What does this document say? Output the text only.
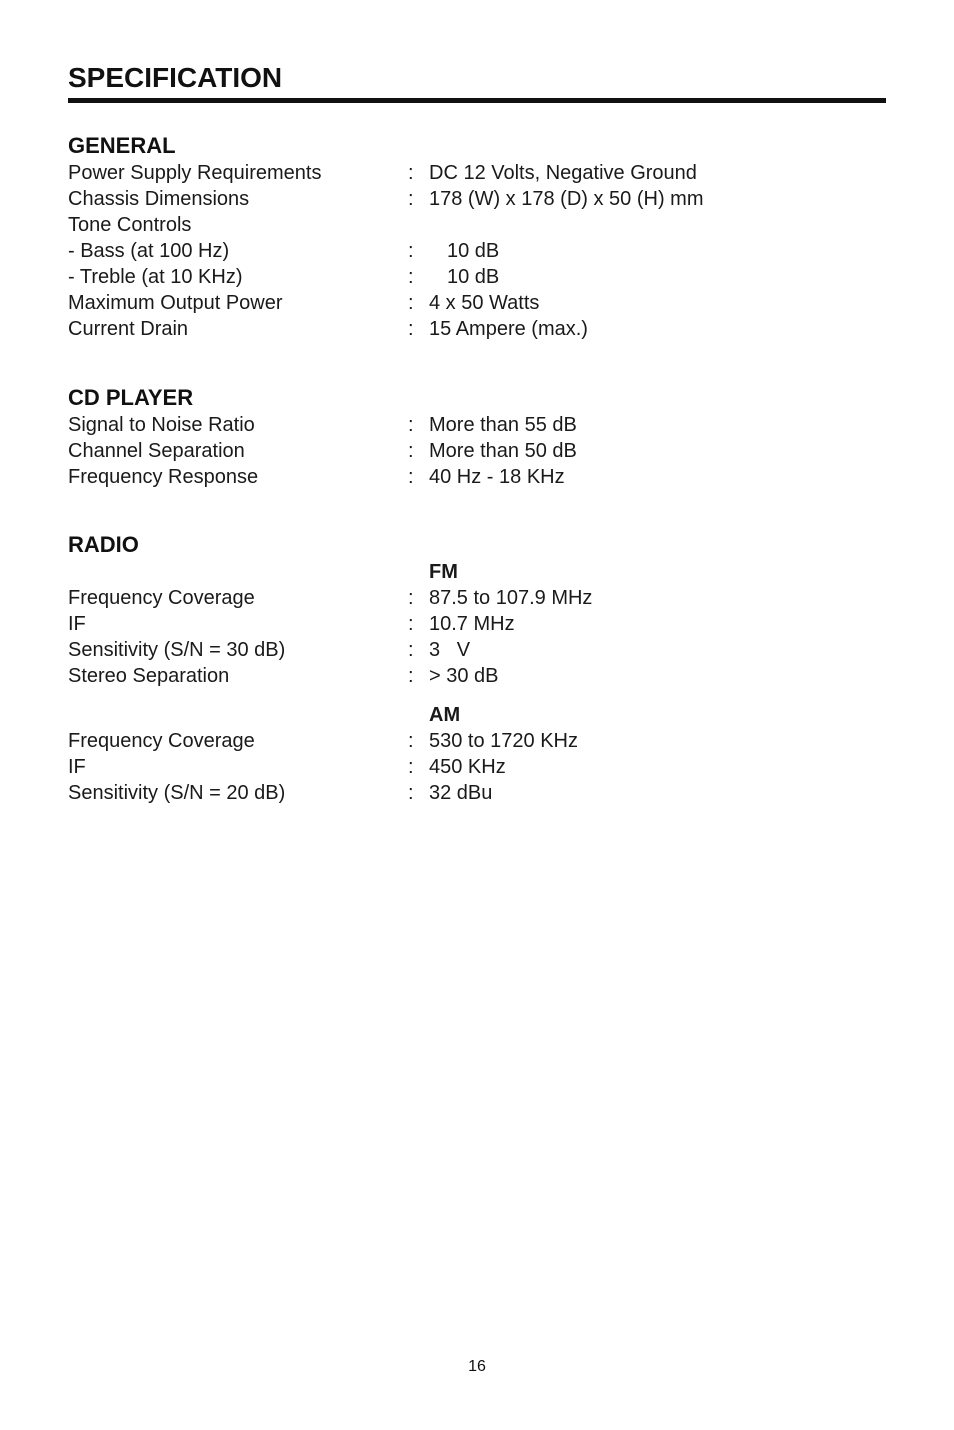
SPECIFICATION
GENERAL
Power Supply Requirements	: DC 12 Volts, Negative Ground
Chassis Dimensions	: 178 (W) x 178 (D) x 50 (H) mm
Tone Controls
- Bass (at 100 Hz)	: 10 dB
- Treble (at 10 KHz)	: 10 dB
Maximum Output Power	: 4 x 50 Watts
Current Drain	: 15 Ampere (max.)
CD PLAYER
Signal to Noise Ratio	: More than 55 dB
Channel Separation	: More than 50 dB
Frequency Response	: 40 Hz - 18 KHz
RADIO
FM
Frequency Coverage	: 87.5 to 107.9 MHz
IF	: 10.7 MHz
Sensitivity (S/N = 30 dB)	: 3   V
Stereo Separation	: > 30 dB
AM
Frequency Coverage	: 530 to 1720 KHz
IF	: 450 KHz
Sensitivity (S/N = 20 dB)	: 32 dBu
16
